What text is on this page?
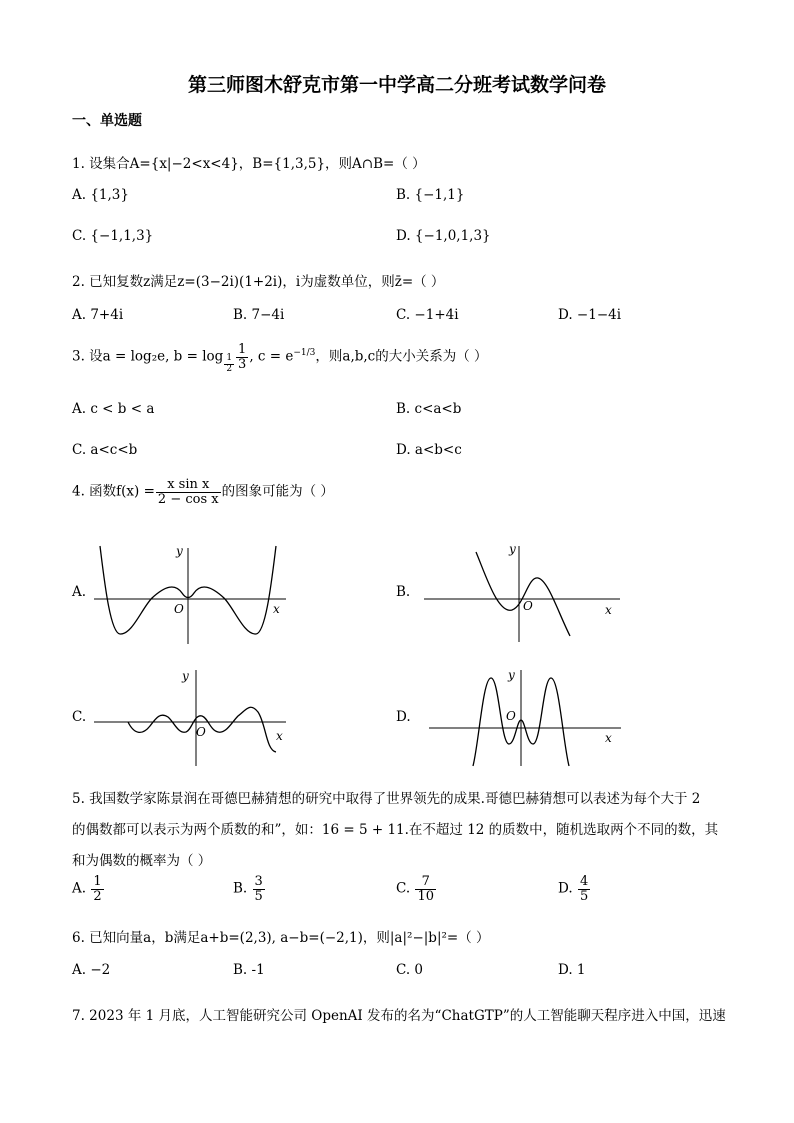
第三师图木舒克市第一中学高二分班考试数学问卷
一、单选题
1. 设集合A={x|−2<x<4}，B={1,3,5}，则A∩B=（ ）
A. {1,3}	B. {−1,1}
C. {−1,1,3}	D. {−1,0,1,3}
2. 已知复数z满足z=(3−2i)(1+2i)，i为虚数单位，则z̄=（ ）
A. 7+4i	B. 7−4i	C. −1+4i	D. −1−4i
3. 设a = log₂e, $b = \log \frac{1}{2} \frac{1}{3}$ , $c = e^{-1/3}$，则a,b,c的大小关系为（ ）
A. c < b < a	B. c<a<b
C. a<c<b	D. a<b<c
4. 函数$f(x) = \frac{\text{x sin x}}{\text{2 − cos x}}$ 的图象可能为（ ）
A.	B.
C.	D.
y
x
O
y
x
O
y
x
O
y
x
O
5. 我国数学家陈景润在哥德巴赫猜想的研究中取得了世界领先的成果.哥德巴赫猜想可以表述为每个大于 2
的偶数都可以表示为两个质数的和”，如：16 = 5 + 11.在不超过 12 的质数中，随机选取两个不同的数，其
和为偶数的概率为（ ）
A. $\frac{1}{2}$	B. $\frac{3}{5}$	C. $\frac{7}{10}$	D. $\frac{4}{5}$
6. 已知向量a，b满足a+b=(2,3), a−b=(−2,1)，则|a|²−|b|²=（ ）
A. −2	B. -1	C. 0	D. 1
7. 2023 年 1 月底，人工智能研究公司 OpenAI 发布的名为“ChatGTP”的人工智能聊天程序进入中国，迅速
